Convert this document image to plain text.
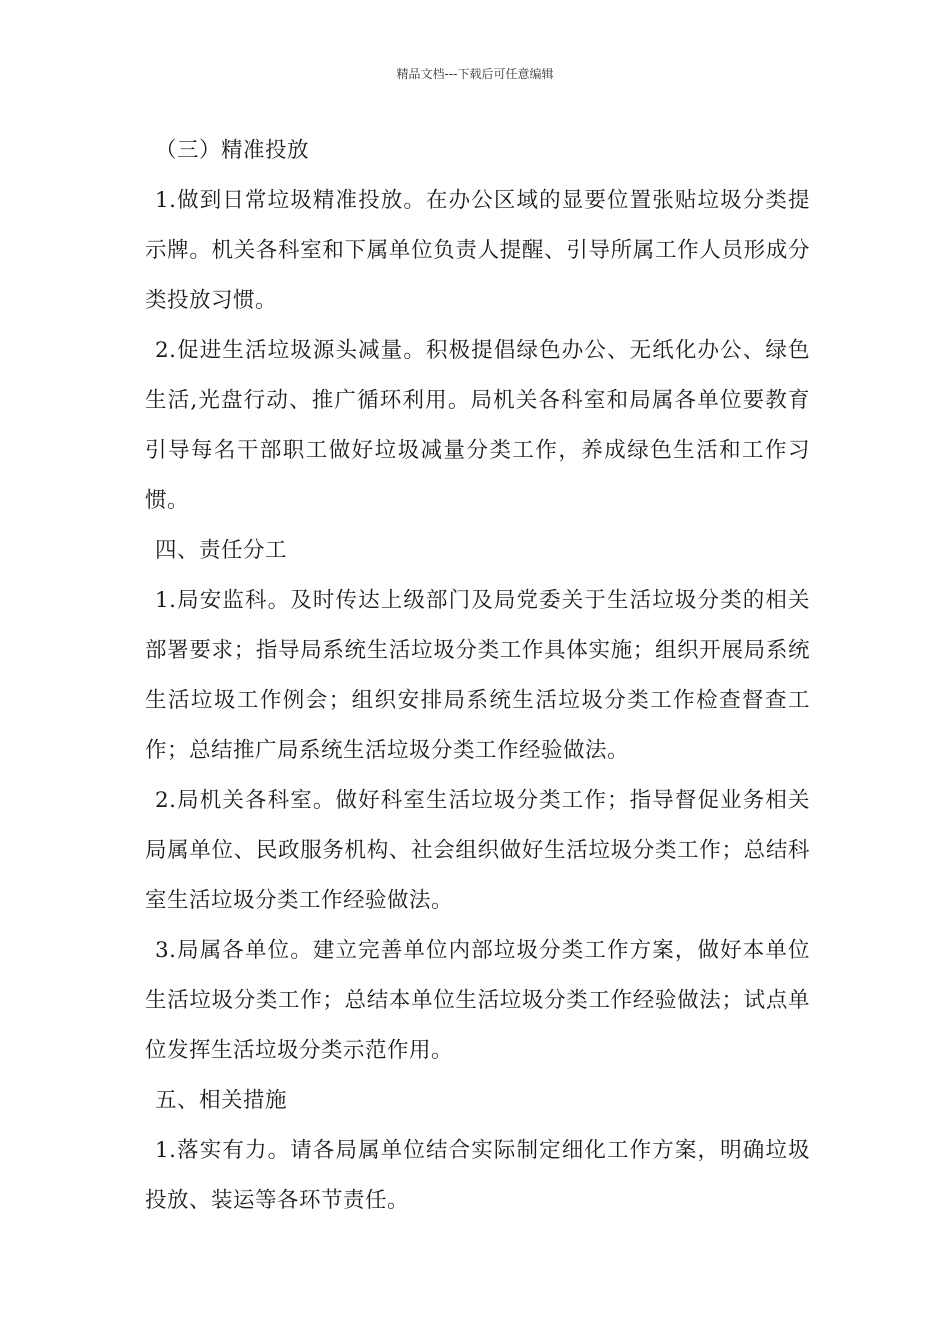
精品文档---下载后可任意编辑

（三）精准投放

1.做到日常垃圾精准投放。在办公区域的显要位置张贴垃圾分类提示牌。机关各科室和下属单位负责人提醒、引导所属工作人员形成分类投放习惯。

2.促进生活垃圾源头减量。积极提倡绿色办公、无纸化办公、绿色生活,光盘行动、推广循环利用。局机关各科室和局属各单位要教育引导每名干部职工做好垃圾减量分类工作，养成绿色生活和工作习惯。

四、责任分工

1.局安监科。及时传达上级部门及局党委关于生活垃圾分类的相关部署要求；指导局系统生活垃圾分类工作具体实施；组织开展局系统生活垃圾工作例会；组织安排局系统生活垃圾分类工作检查督查工作；总结推广局系统生活垃圾分类工作经验做法。

2.局机关各科室。做好科室生活垃圾分类工作；指导督促业务相关局属单位、民政服务机构、社会组织做好生活垃圾分类工作；总结科室生活垃圾分类工作经验做法。

3.局属各单位。建立完善单位内部垃圾分类工作方案，做好本单位生活垃圾分类工作；总结本单位生活垃圾分类工作经验做法；试点单位发挥生活垃圾分类示范作用。

五、相关措施

1.落实有力。请各局属单位结合实际制定细化工作方案，明确垃圾投放、装运等各环节责任。
